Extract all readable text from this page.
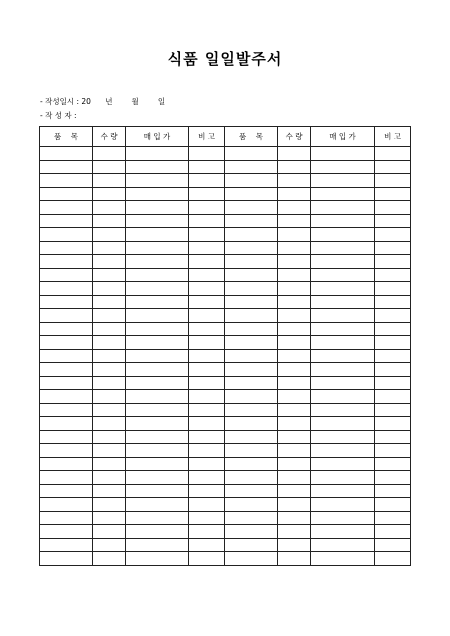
식품 일일발주서
- 작성일시 : 20      년        월        일
- 작 성 자 :
품    목	수 량	매 입 가	비 고	품    목	수 량	매 입 가	비 고
